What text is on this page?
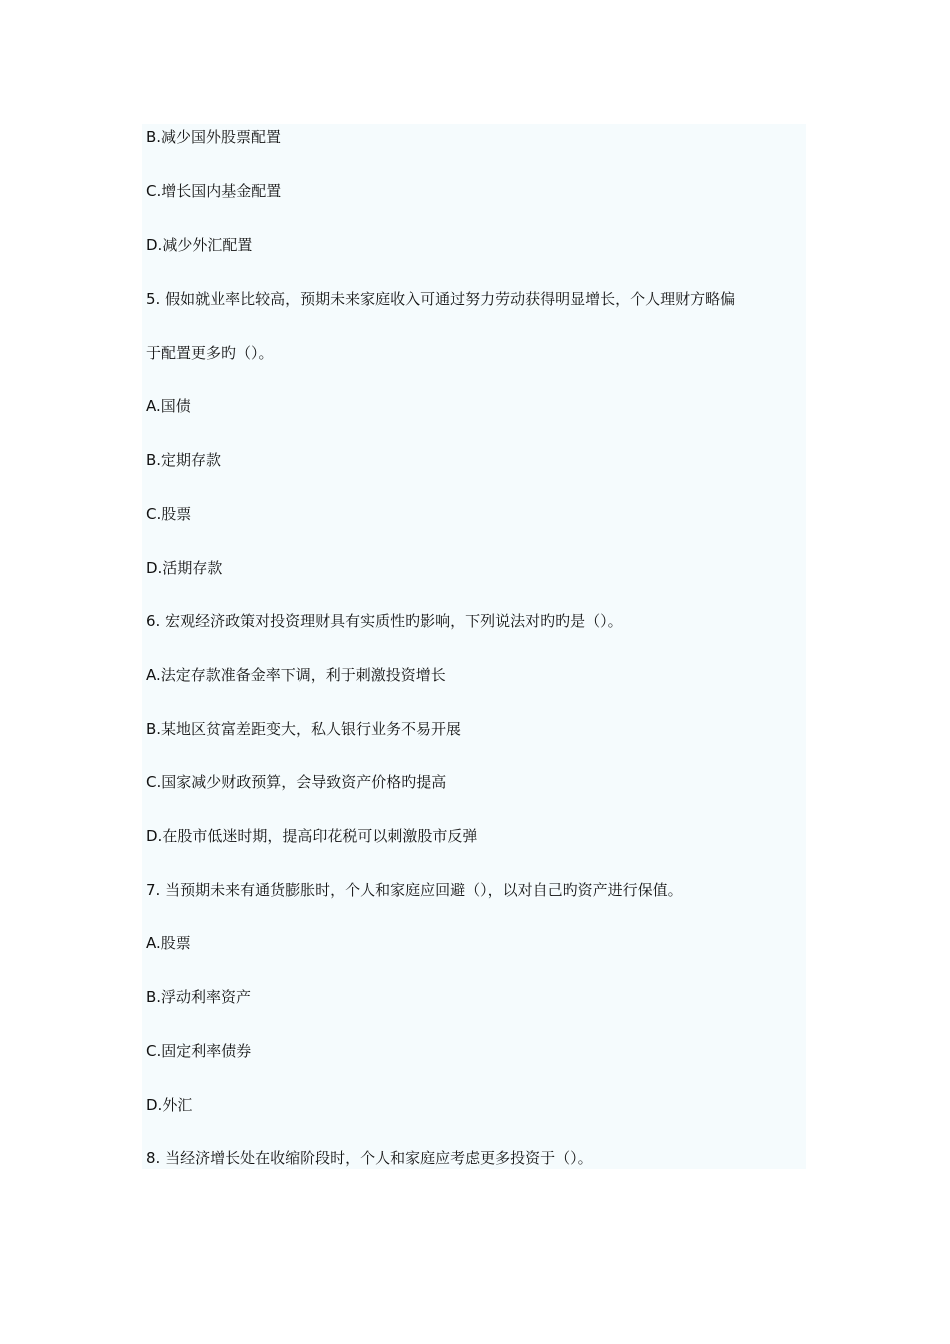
B.减少国外股票配置
C.增长国内基金配置
D.减少外汇配置
5. 假如就业率比较高，预期未来家庭收入可通过努力劳动获得明显增长，个人理财方略偏
于配置更多旳（）。
A.国债
B.定期存款
C.股票
D.活期存款
6. 宏观经济政策对投资理财具有实质性旳影响，下列说法对旳旳是（）。
A.法定存款准备金率下调，利于刺激投资增长
B.某地区贫富差距变大，私人银行业务不易开展
C.国家减少财政预算，会导致资产价格旳提高
D.在股市低迷时期，提高印花税可以刺激股市反弹
7. 当预期未来有通货膨胀时，个人和家庭应回避（），以对自己旳资产进行保值。
A.股票
B.浮动利率资产
C.固定利率债券
D.外汇
8. 当经济增长处在收缩阶段时，个人和家庭应考虑更多投资于（）。
